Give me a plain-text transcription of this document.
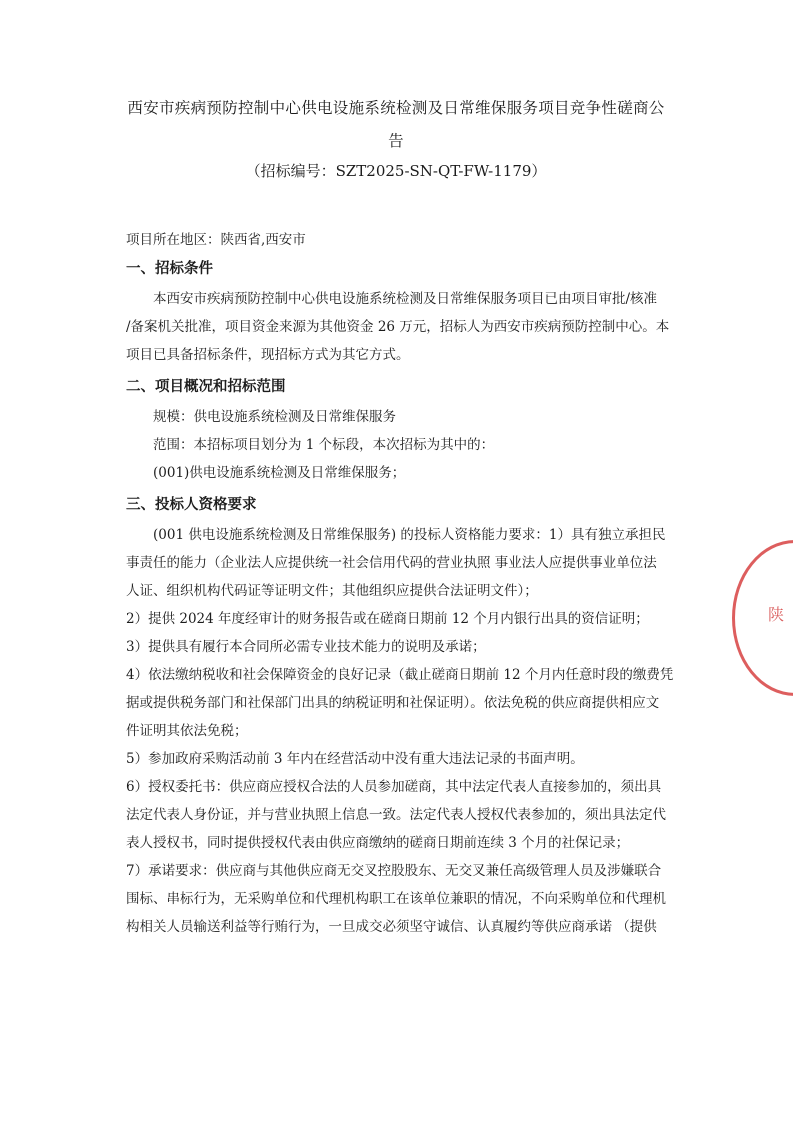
西安市疾病预防控制中心供电设施系统检测及日常维保服务项目竞争性磋商公
告
（招标编号：SZT2025-SN-QT-FW-1179）
项目所在地区：陕西省,西安市
一、招标条件
本西安市疾病预防控制中心供电设施系统检测及日常维保服务项目已由项目审批/核准
/备案机关批准，项目资金来源为其他资金 26 万元，招标人为西安市疾病预防控制中心。本
项目已具备招标条件，现招标方式为其它方式。
二、项目概况和招标范围
规模：供电设施系统检测及日常维保服务
范围：本招标项目划分为 1 个标段，本次招标为其中的：
(001)供电设施系统检测及日常维保服务；
三、投标人资格要求
(001 供电设施系统检测及日常维保服务) 的投标人资格能力要求：1）具有独立承担民
事责任的能力（企业法人应提供统一社会信用代码的营业执照 事业法人应提供事业单位法
人证、组织机构代码证等证明文件；其他组织应提供合法证明文件）；
2）提供 2024 年度经审计的财务报告或在磋商日期前 12 个月内银行出具的资信证明；
3）提供具有履行本合同所必需专业技术能力的说明及承诺；
4）依法缴纳税收和社会保障资金的良好记录（截止磋商日期前 12 个月内任意时段的缴费凭
据或提供税务部门和社保部门出具的纳税证明和社保证明）。依法免税的供应商提供相应文
件证明其依法免税；
5）参加政府采购活动前 3 年内在经营活动中没有重大违法记录的书面声明。
6）授权委托书：供应商应授权合法的人员参加磋商，其中法定代表人直接参加的，须出具
法定代表人身份证，并与营业执照上信息一致。法定代表人授权代表参加的，须出具法定代
表人授权书，同时提供授权代表由供应商缴纳的磋商日期前连续 3 个月的社保记录；
7）承诺要求：供应商与其他供应商无交叉控股股东、无交叉兼任高级管理人员及涉嫌联合
围标、串标行为，无采购单位和代理机构职工在该单位兼职的情况，不向采购单位和代理机
构相关人员输送利益等行贿行为，一旦成交必须坚守诚信、认真履约等供应商承诺 （提供
陕
